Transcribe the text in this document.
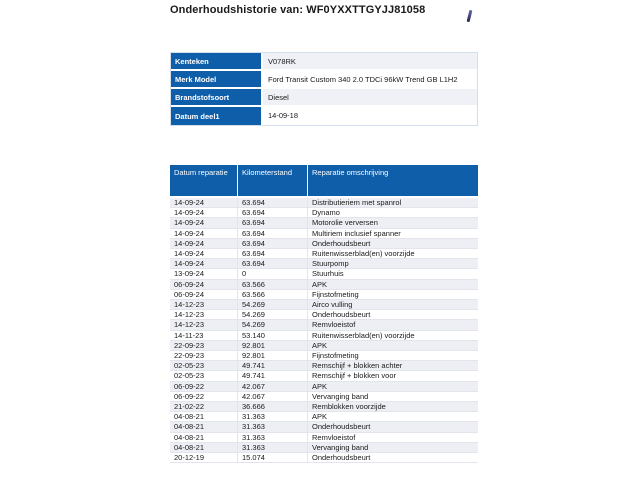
Onderhoudshistorie van: WF0YXXTTGYJJ81058
Kenteken	V078RK
Merk Model	Ford Transit Custom 340 2.0 TDCi 96kW Trend GB L1H2
Brandstofsoort	Diesel
Datum deel1	14-09-18
Datum reparatie	Kilometerstand	Reparatie omschrijving
14-09-24	63.694	Distributieriem met spanrol
14-09-24	63.694	Dynamo
14-09-24	63.694	Motorolie verversen
14-09-24	63.694	Multiriem inclusief spanner
14-09-24	63.694	Onderhoudsbeurt
14-09-24	63.694	Ruitenwisserblad(en) voorzijde
14-09-24	63.694	Stuurpomp
13-09-24	0	Stuurhuis
06-09-24	63.566	APK
06-09-24	63.566	Fijnstofmeting
14-12-23	54.269	Airco vulling
14-12-23	54.269	Onderhoudsbeurt
14-12-23	54.269	Remvloeistof
14-11-23	53.140	Ruitenwisserblad(en) voorzijde
22-09-23	92.801	APK
22-09-23	92.801	Fijnstofmeting
02-05-23	49.741	Remschijf + blokken achter
02-05-23	49.741	Remschijf + blokken voor
06-09-22	42.067	APK
06-09-22	42.067	Vervanging band
21-02-22	36.666	Remblokken voorzijde
04-08-21	31.363	APK
04-08-21	31.363	Onderhoudsbeurt
04-08-21	31.363	Remvloeistof
04-08-21	31.363	Vervanging band
20-12-19	15.074	Onderhoudsbeurt
